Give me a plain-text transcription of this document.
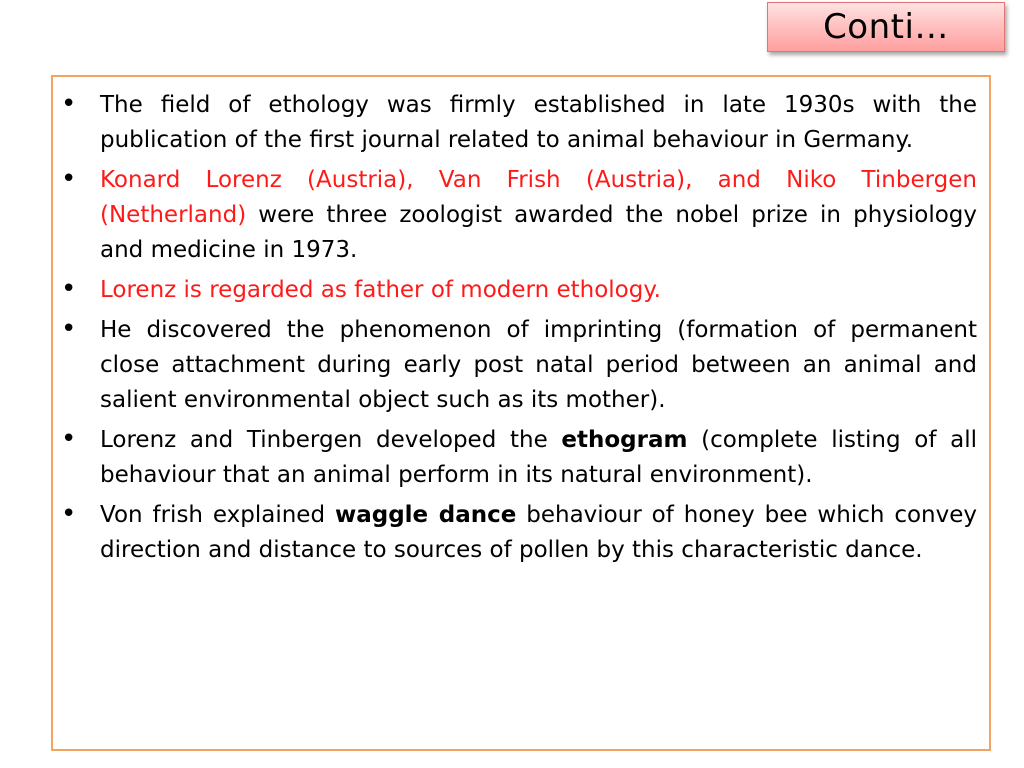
Conti…
• The field of ethology was firmly established in late 1930s with the publication of the first journal related to animal behaviour in Germany.
• Konard Lorenz (Austria), Van Frish (Austria), and Niko Tinbergen (Netherland) were three zoologist awarded the nobel prize in physiology and medicine in 1973.
• Lorenz is regarded as father of modern ethology.
• He discovered the phenomenon of imprinting (formation of permanent close attachment during early post natal period between an animal and salient environmental object such as its mother).
• Lorenz and Tinbergen developed the ethogram (complete listing of all behaviour that an animal perform in its natural environment).
• Von frish explained waggle dance behaviour of honey bee which convey direction and distance to sources of pollen by this characteristic dance.
